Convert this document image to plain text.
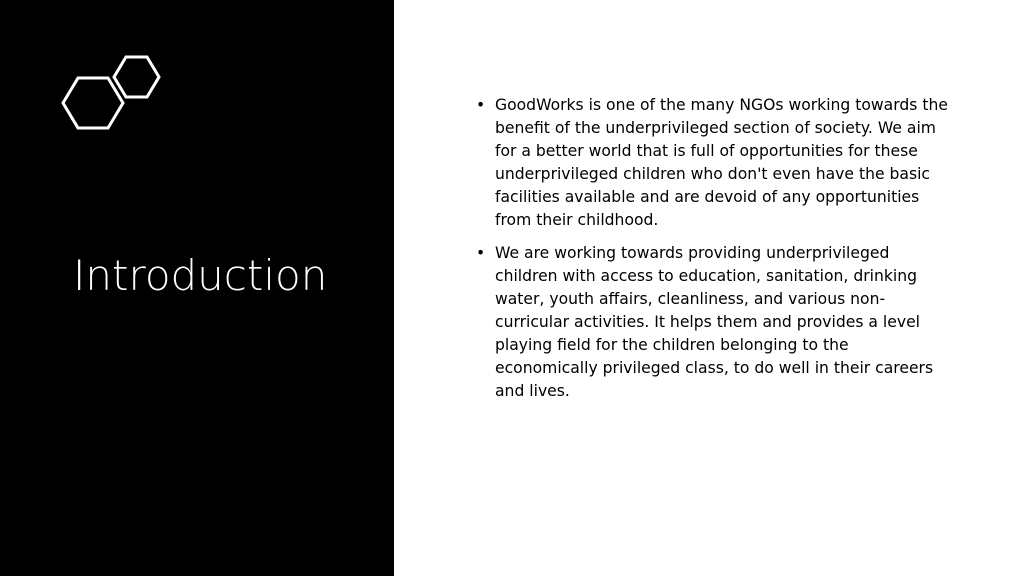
Introduction
• GoodWorks is one of the many NGOs working towards the benefit of the underprivileged section of society. We aim for a better world that is full of opportunities for these underprivileged children who don't even have the basic facilities available and are devoid of any opportunities from their childhood.
• We are working towards providing underprivileged children with access to education, sanitation, drinking water, youth affairs, cleanliness, and various non-curricular activities. It helps them and provides a level playing field for the children belonging to the economically privileged class, to do well in their careers and lives.
